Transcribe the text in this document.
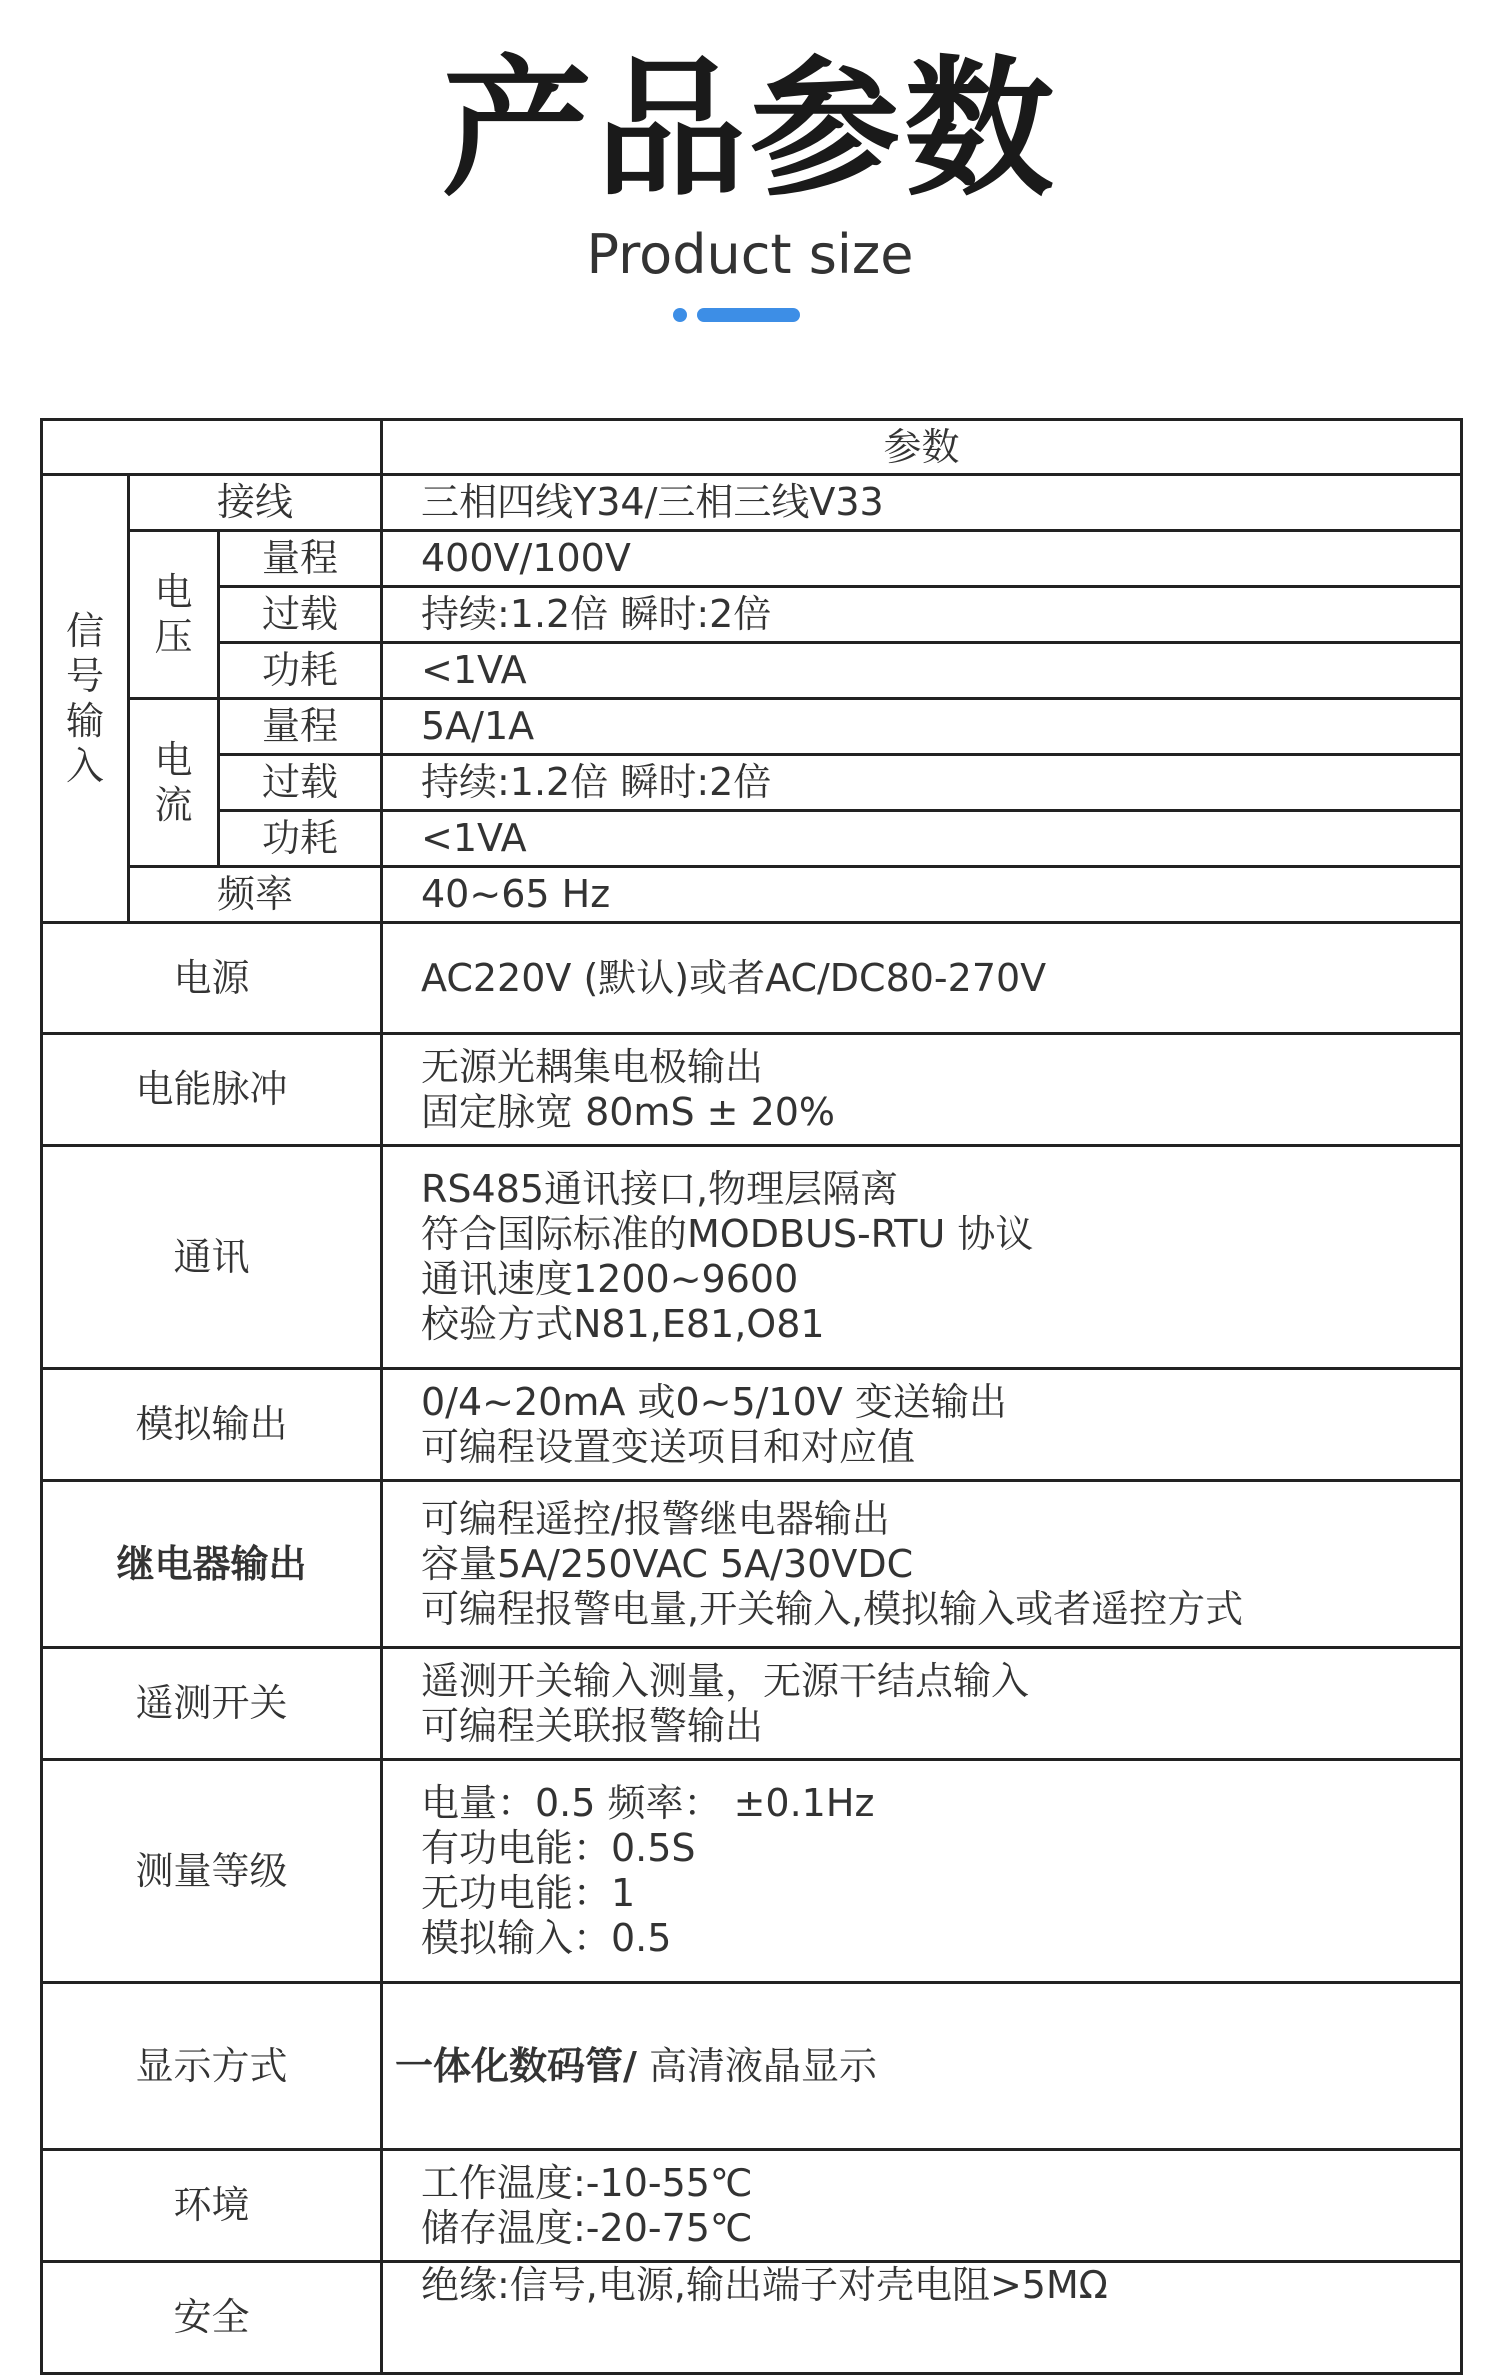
产品参数
Product size
			参数
信号输入	接线		三相四线Y34/三相三线V33
	电压	量程	400V/100V
		过载	持续:1.2倍 瞬时:2倍
		功耗	<1VA
	电流	量程	5A/1A
		过载	持续:1.2倍 瞬时:2倍
		功耗	<1VA
	频率		40~65 Hz
电源			AC220V (默认)或者AC/DC80-270V
电能脉冲			无源光耦集电极输出
固定脉宽 80mS ± 20%

通讯			RS485通讯接口,物理层隔离
符合国际标准的MODBUS-RTU 协议
通讯速度1200~9600
校验方式N81,E81,O81

模拟输出			0/4~20mA 或0~5/10V 变送输出
可编程设置变送项目和对应值

继电器输出			可编程遥控/报警继电器输出
容量5A/250VAC 5A/30VDC
可编程报警电量,开关输入,模拟输入或者遥控方式

遥测开关			遥测开关输入测量，无源干结点输入
可编程关联报警输出

测量等级			电量：0.5 频率： ±0.1Hz
有功电能：0.5S
无功电能：1
模拟输入：0.5

显示方式			一体化数码管/ 高清液晶显示
环境			工作温度:-10-55℃
储存温度:-20-75℃

安全			绝缘:信号,电源,输出端子对壳电阻>5MΩ
